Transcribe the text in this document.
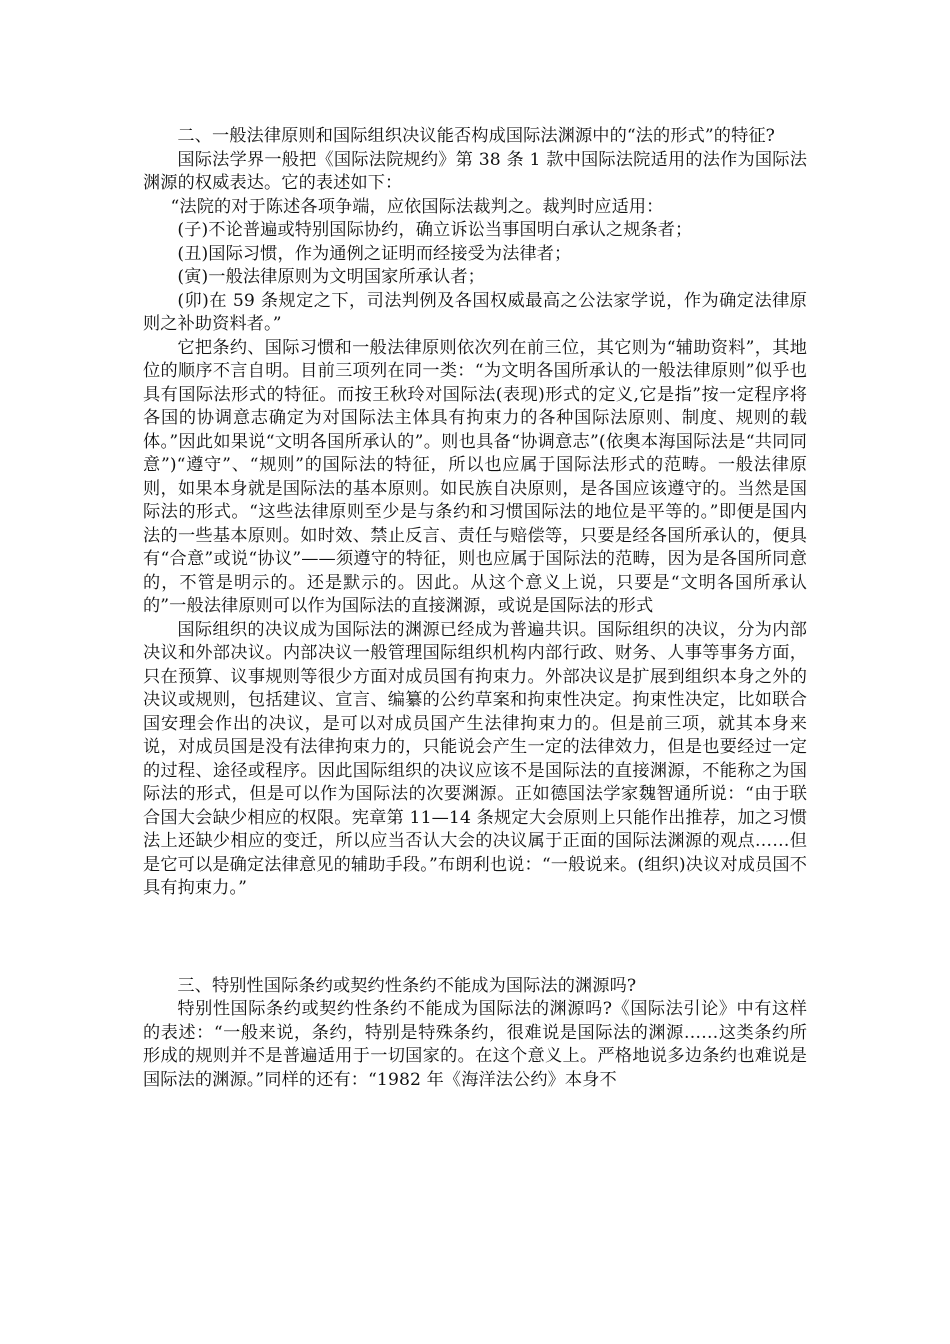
二、一般法律原则和国际组织决议能否构成国际法渊源中的“法的形式”的特征?

国际法学界一般把《国际法院规约》第 38 条 1 款中国际法院适用的法作为国际法渊源的权威表达。它的表述如下：

“法院的对于陈述各项争端，应依国际法裁判之。裁判时应适用：

(子)不论普遍或特别国际协约，确立诉讼当事国明白承认之规条者；

(丑)国际习惯，作为通例之证明而经接受为法律者；

(寅)一般法律原则为文明国家所承认者；

(卯)在 59 条规定之下，司法判例及各国权威最高之公法家学说，作为确定法律原则之补助资料者。”

它把条约、国际习惯和一般法律原则依次列在前三位，其它则为“辅助资料”，其地位的顺序不言自明。目前三项列在同一类：“为文明各国所承认的一般法律原则”似乎也具有国际法形式的特征。而按王秋玲对国际法(表现)形式的定义,它是指”按一定程序将各国的协调意志确定为对国际法主体具有拘束力的各种国际法原则、制度、规则的载体。”因此如果说“文明各国所承认的”。则也具备“协调意志”(依奥本海国际法是“共同同意”)“遵守”、“规则”的国际法的特征，所以也应属于国际法形式的范畴。一般法律原则，如果本身就是国际法的基本原则。如民族自决原则，是各国应该遵守的。当然是国际法的形式。“这些法律原则至少是与条约和习惯国际法的地位是平等的。”即便是国内法的一些基本原则。如时效、禁止反言、责任与赔偿等，只要是经各国所承认的，便具有“合意”或说“协议”——须遵守的特征，则也应属于国际法的范畴，因为是各国所同意的，不管是明示的。还是默示的。因此。从这个意义上说，只要是“文明各国所承认的”一般法律原则可以作为国际法的直接渊源，或说是国际法的形式

国际组织的决议成为国际法的渊源已经成为普遍共识。国际组织的决议，分为内部决议和外部决议。内部决议一般管理国际组织机构内部行政、财务、人事等事务方面，只在预算、议事规则等很少方面对成员国有拘束力。外部决议是扩展到组织本身之外的决议或规则，包括建议、宣言、编纂的公约草案和拘束性决定。拘束性决定，比如联合国安理会作出的决议，是可以对成员国产生法律拘束力的。但是前三项，就其本身来说，对成员国是没有法律拘束力的，只能说会产生一定的法律效力，但是也要经过一定的过程、途径或程序。因此国际组织的决议应该不是国际法的直接渊源，不能称之为国际法的形式，但是可以作为国际法的次要渊源。正如德国法学家魏智通所说：“由于联合国大会缺少相应的权限。宪章第 11—14 条规定大会原则上只能作出推荐，加之习惯法上还缺少相应的变迁，所以应当否认大会的决议属于正面的国际法渊源的观点……但是它可以是确定法律意见的辅助手段。”布朗利也说：“一般说来。(组织)决议对成员国不具有拘束力。”

三、特别性国际条约或契约性条约不能成为国际法的渊源吗?

特别性国际条约或契约性条约不能成为国际法的渊源吗?《国际法引论》中有这样的表述：“一般来说，条约，特别是特殊条约，很难说是国际法的渊源……这类条约所形成的规则并不是普遍适用于一切国家的。在这个意义上。严格地说多边条约也难说是国际法的渊源。”同样的还有：“1982 年《海洋法公约》本身不
